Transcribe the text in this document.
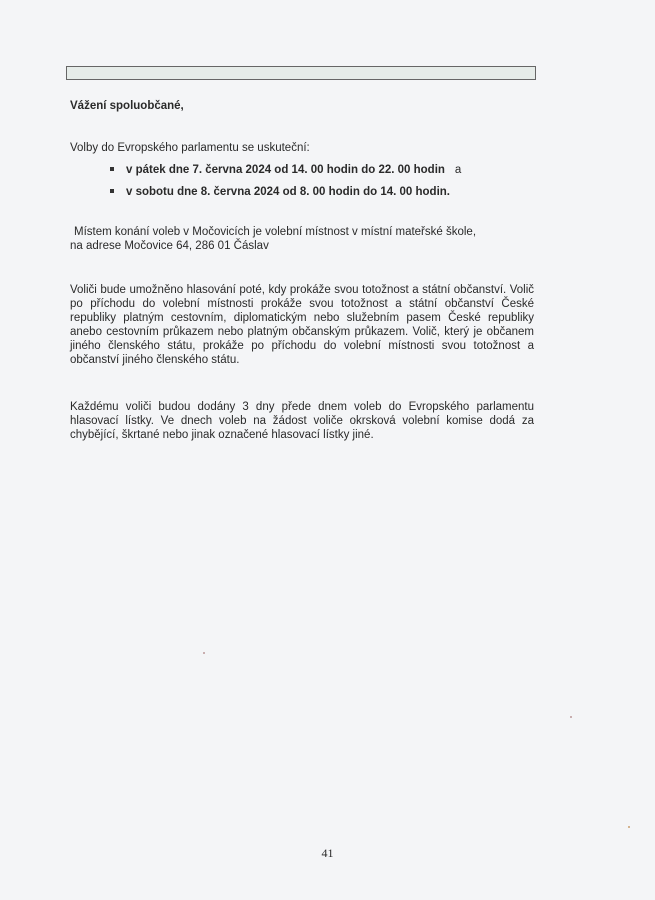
Vážení spoluobčané,
Volby do Evropského parlamentu se uskuteční:
v pátek dne 7. června 2024 od 14. 00 hodin do 22. 00 hodin a
v sobotu dne 8. června 2024 od 8. 00 hodin do 14. 00 hodin.
Místem konání voleb v Močovicích je volební místnost v místní mateřské škole,
na adrese Močovice 64, 286 01 Čáslav

Voliči bude umožněno hlasování poté, kdy prokáže svou totožnost a státní občanství. Volič po příchodu do volební místnosti prokáže svou totožnost a státní občanství České republiky platným cestovním, diplomatickým nebo služebním pasem České republiky anebo cestovním průkazem nebo platným občanským průkazem. Volič, který je občanem jiného členského státu, prokáže po příchodu do volební místnosti svou totožnost a občanství jiného členského státu.

Každému voliči budou dodány 3 dny přede dnem voleb do Evropského parlamentu hlasovací lístky. Ve dnech voleb na žádost voliče okrsková volební komise dodá za chybějící, škrtané nebo jinak označené hlasovací lístky jiné.

41
